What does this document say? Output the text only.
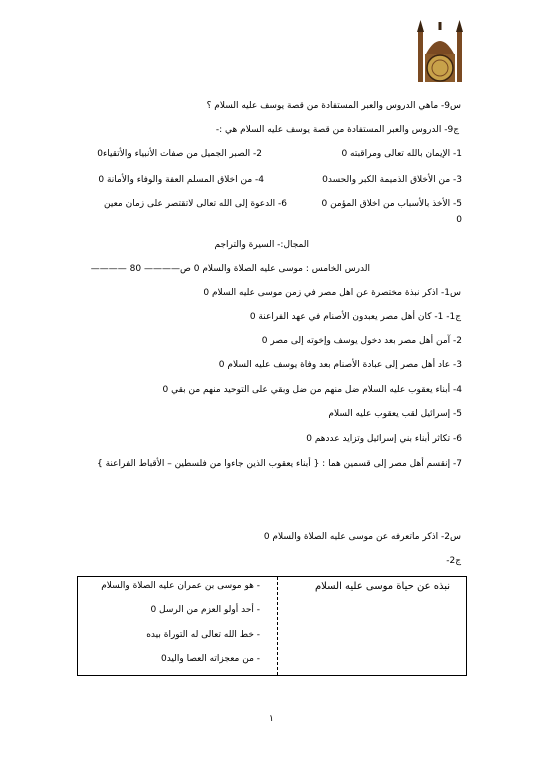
س9- ماهي الدروس والعبر المستفادة من قصة يوسف عليه السلام ؟
ج9- الدروس والعبر المستفادة من قصة يوسف عليه السلام هي :-
1- الإيمان بالله تعالى ومراقبته 0
2- الصبر الجميل من صفات الأنبياء والأتقياء0
3- من الأخلاق الذميمة الكبر والحسد0
4- من اخلاق المسلم العفة والوفاء والأمانة 0
5- الأخذ بالأسباب من اخلاق المؤمن 0
6- الدعوة إلى الله تعالى لاتقتصر على زمان معين
0
المجال:- السيرة والتراجم
الدرس الخامس : موسى عليه الصلاة والسلام 0 ص———— 80 ————
س1- اذكر نبذة مختصرة عن اهل مصر في زمن موسى عليه السلام 0
ج1- 1- كان أهل مصر يعبدون الأصنام في عهد الفراعنة 0
2- آمن أهل مصر بعد دخول يوسف وإخوته إلى مصر 0
3- عاد أهل مصر إلى عبادة الأصنام بعد وفاة يوسف عليه السلام 0
4- أبناء يعقوب عليه السلام ضل منهم من ضل وبقي على التوحيد منهم من بقي 0
5- إسرائيل لقب يعقوب عليه السلام
6- تكاثر أبناء بني إسرائيل وتزايد عددهم 0
7- إنقسم أهل مصر إلى قسمين هما : { أبناء يعقوب الذين جاءوا من فلسطين – الأقباط الفراعنة }
س2- اذكر ماتعرفه عن موسى عليه الصلاة والسلام 0
ج2-
نبذه عن حياة موسى عليه السلام
- هو موسى بن عمران عليه الصلاة والسلام
- أحد أولو العزم من الرسل 0
- خط الله تعالى له التوراة بيده
- من معجزاته العصا واليد0
١
